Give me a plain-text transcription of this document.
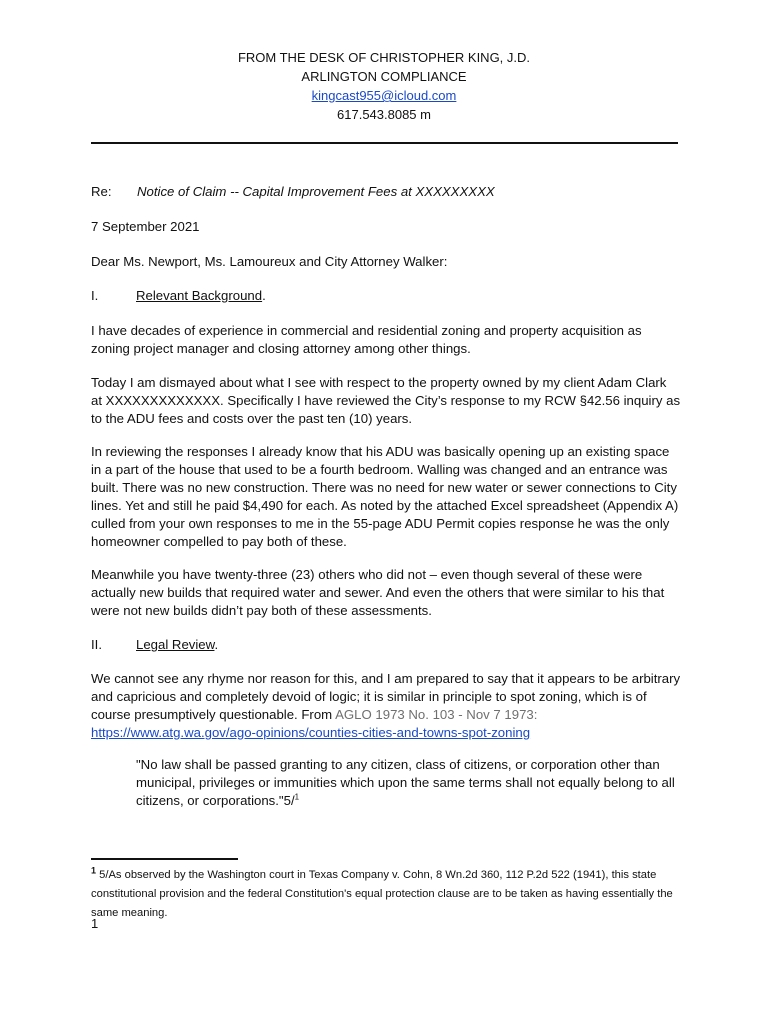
FROM THE DESK OF CHRISTOPHER KING, J.D.
ARLINGTON COMPLIANCE
kingcast955@icloud.com
617.543.8085 m
Re: Notice of Claim -- Capital Improvement Fees at XXXXXXXXX

7 September 2021

Dear Ms. Newport, Ms. Lamoureux and City Attorney Walker:

I.	Relevant Background.

I have decades of experience in commercial and residential zoning and property acquisition as zoning project manager and closing attorney among other things.

Today I am dismayed about what I see with respect to the property owned by my client Adam Clark at XXXXXXXXXXXXX. Specifically I have reviewed the City’s response to my RCW §42.56 inquiry as to the ADU fees and costs over the past ten (10) years.

In reviewing the responses I already know that his ADU was basically opening up an existing space in a part of the house that used to be a fourth bedroom. Walling was changed and an entrance was built. There was no new construction. There was no need for new water or sewer connections to City lines. Yet and still he paid $4,490 for each. As noted by the attached Excel spreadsheet (Appendix A) culled from your own responses to me in the 55-page ADU Permit copies response he was the only homeowner compelled to pay both of these.

Meanwhile you have twenty-three (23) others who did not – even though several of these were actually new builds that required water and sewer. And even the others that were similar to his that were not new builds didn’t pay both of these assessments.

II.	Legal Review.

We cannot see any rhyme nor reason for this, and I am prepared to say that it appears to be arbitrary and capricious and completely devoid of logic; it is similar in principle to spot zoning, which is of course presumptively questionable. From AGLO 1973 No. 103 - Nov 7 1973:
https://www.atg.wa.gov/ago-opinions/counties-cities-and-towns-spot-zoning

"No law shall be passed granting to any citizen, class of citizens, or corporation other than municipal, privileges or immunities which upon the same terms shall not equally belong to all citizens, or corporations."5/$^1$

$^1$ 5/As observed by the Washington court in Texas Company v. Cohn, 8 Wn.2d 360, 112 P.2d 522 (1941), this state constitutional provision and the federal Constitution's equal protection clause are to be taken as having essentially the same meaning.

1
